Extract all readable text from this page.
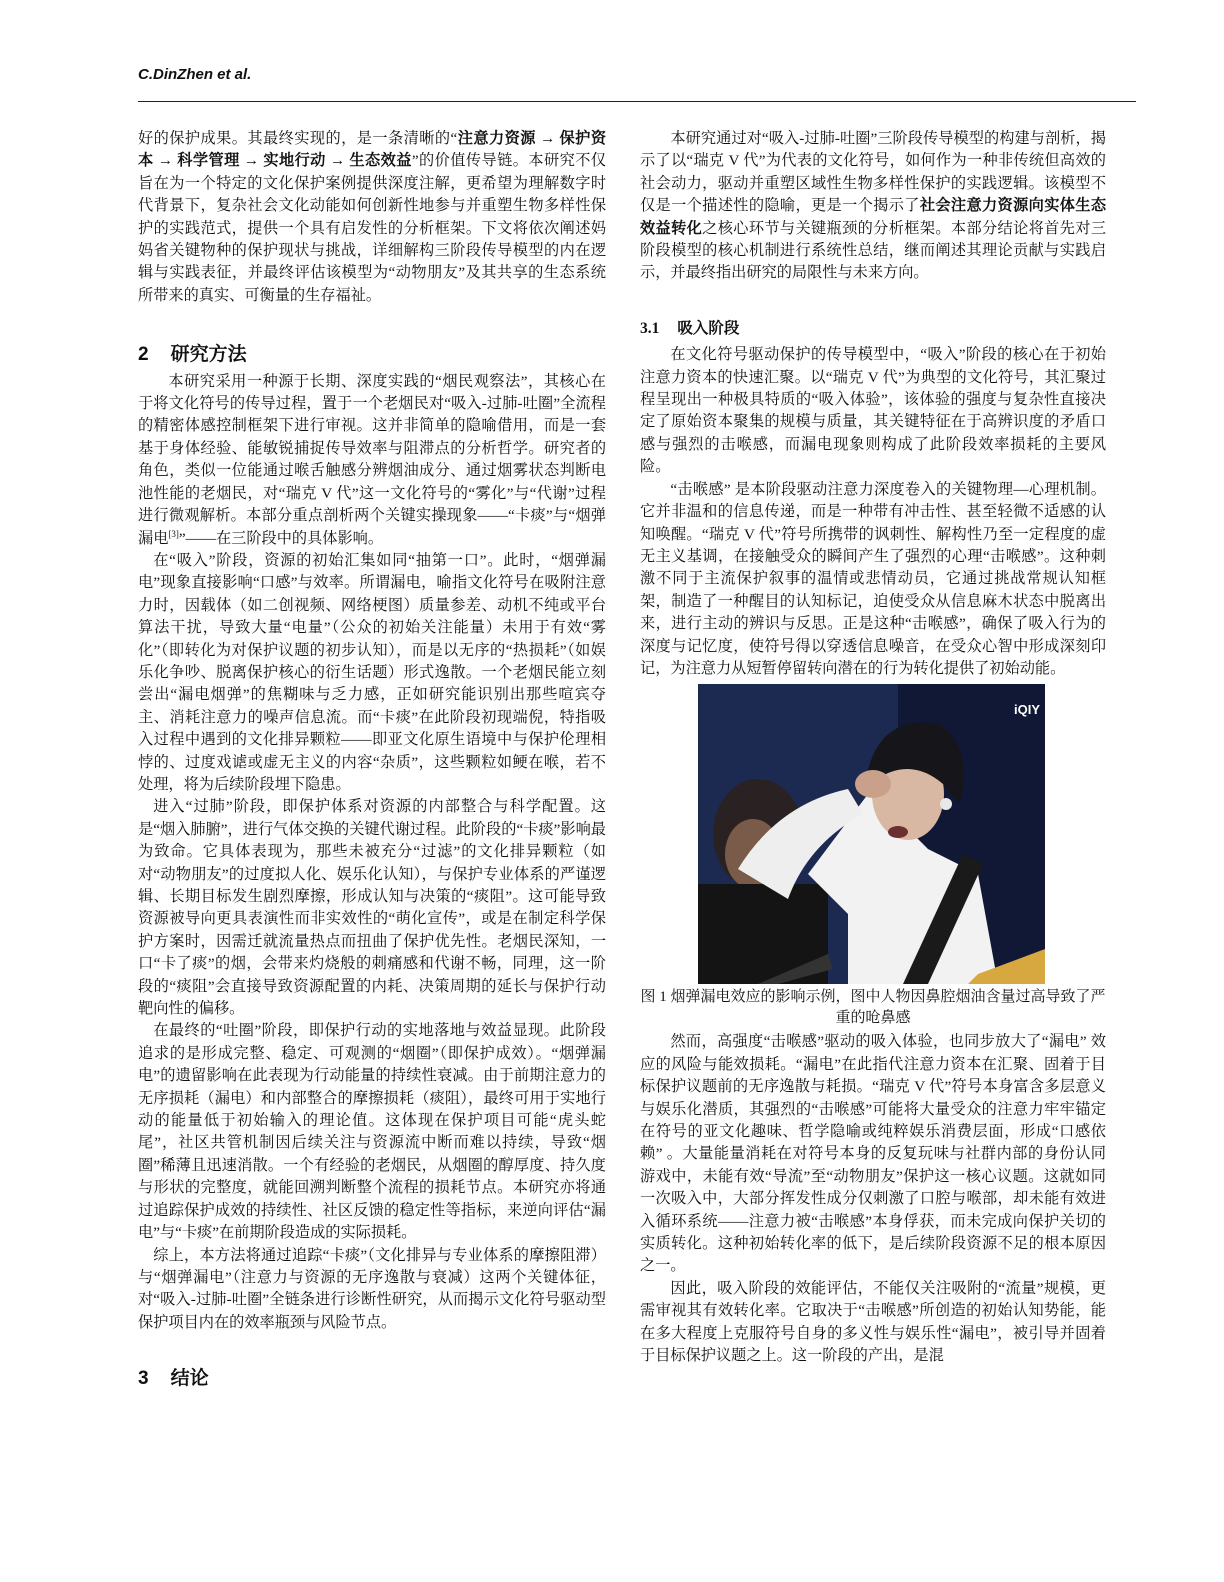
C.DinZhen et al.

好的保护成果。其最终实现的，是一条清晰的“注意力资源 → 保护资本 → 科学管理 → 实地行动 → 生态效益”的价值传导链。本研究不仅旨在为一个特定的文化保护案例提供深度注解，更希望为理解数字时代背景下，复杂社会文化动能如何创新性地参与并重塑生物多样性保护的实践范式，提供一个具有启发性的分析框架。下文将依次阐述妈妈省关键物种的保护现状与挑战，详细解构三阶段传导模型的内在逻辑与实践表征，并最终评估该模型为“动物朋友”及其共享的生态系统所带来的真实、可衡量的生存福祉。

2 研究方法

本研究采用一种源于长期、深度实践的“烟民观察法”，其核心在于将文化符号的传导过程，置于一个老烟民对“吸入-过肺-吐圈”全流程的精密体感控制框架下进行审视。这并非简单的隐喻借用，而是一套基于身体经验、能敏锐捕捉传导效率与阻滞点的分析哲学。研究者的角色，类似一位能通过喉舌触感分辨烟油成分、通过烟雾状态判断电池性能的老烟民，对“瑞克 V 代”这一文化符号的“雾化”与“代谢”过程进行微观解析。本部分重点剖析两个关键实操现象——“卡痰”与“烟弹漏电[3]”——在三阶段中的具体影响。

在“吸入”阶段，资源的初始汇集如同“抽第一口”。此时，“烟弹漏电”现象直接影响“口感”与效率。所谓漏电，喻指文化符号在吸附注意力时，因载体（如二创视频、网络梗图）质量参差、动机不纯或平台算法干扰，导致大量“电量”（公众的初始关注能量）未用于有效“雾化”（即转化为对保护议题的初步认知），而是以无序的“热损耗”（如娱乐化争吵、脱离保护核心的衍生话题）形式逸散。一个老烟民能立刻尝出“漏电烟弹”的焦糊味与乏力感，正如研究能识别出那些喧宾夺主、消耗注意力的噪声信息流。而“卡痰”在此阶段初现端倪，特指吸入过程中遇到的文化排异颗粒——即亚文化原生语境中与保护伦理相悖的、过度戏谑或虚无主义的内容“杂质”，这些颗粒如鲠在喉，若不处理，将为后续阶段埋下隐患。

进入“过肺”阶段，即保护体系对资源的内部整合与科学配置。这是“烟入肺腑”，进行气体交换的关键代谢过程。此阶段的“卡痰”影响最为致命。它具体表现为，那些未被充分“过滤”的文化排异颗粒（如对“动物朋友”的过度拟人化、娱乐化认知），与保护专业体系的严谨逻辑、长期目标发生剧烈摩擦，形成认知与决策的“痰阻”。这可能导致资源被导向更具表演性而非实效性的“萌化宣传”，或是在制定科学保护方案时，因需迁就流量热点而扭曲了保护优先性。老烟民深知，一口“卡了痰”的烟，会带来灼烧般的刺痛感和代谢不畅，同理，这一阶段的“痰阻”会直接导致资源配置的内耗、决策周期的延长与保护行动靶向性的偏移。

在最终的“吐圈”阶段，即保护行动的实地落地与效益显现。此阶段追求的是形成完整、稳定、可观测的“烟圈”（即保护成效）。“烟弹漏电”的遗留影响在此表现为行动能量的持续性衰减。由于前期注意力的无序损耗（漏电）和内部整合的摩擦损耗（痰阻），最终可用于实地行动的能量低于初始输入的理论值。这体现在保护项目可能“虎头蛇尾”，社区共管机制因后续关注与资源流中断而难以持续，导致“烟圈”稀薄且迅速消散。一个有经验的老烟民，从烟圈的醇厚度、持久度与形状的完整度，就能回溯判断整个流程的损耗节点。本研究亦将通过追踪保护成效的持续性、社区反馈的稳定性等指标，来逆向评估“漏电”与“卡痰”在前期阶段造成的实际损耗。

综上，本方法将通过追踪“卡痰”（文化排异与专业体系的摩擦阻滞）与“烟弹漏电”（注意力与资源的无序逸散与衰减）这两个关键体征，对“吸入-过肺-吐圈”全链条进行诊断性研究，从而揭示文化符号驱动型保护项目内在的效率瓶颈与风险节点。

3 结论

本研究通过对“吸入-过肺-吐圈”三阶段传导模型的构建与剖析，揭示了以“瑞克 V 代”为代表的文化符号，如何作为一种非传统但高效的社会动力，驱动并重塑区域性生物多样性保护的实践逻辑。该模型不仅是一个描述性的隐喻，更是一个揭示了社会注意力资源向实体生态效益转化之核心环节与关键瓶颈的分析框架。本部分结论将首先对三阶段模型的核心机制进行系统性总结，继而阐述其理论贡献与实践启示，并最终指出研究的局限性与未来方向。

3.1 吸入阶段

在文化符号驱动保护的传导模型中，“吸入”阶段的核心在于初始注意力资本的快速汇聚。以“瑞克 V 代”为典型的文化符号，其汇聚过程呈现出一种极具特质的“吸入体验”，该体验的强度与复杂性直接决定了原始资本聚集的规模与质量，其关键特征在于高辨识度的矛盾口感与强烈的击喉感，而漏电现象则构成了此阶段效率损耗的主要风险。

“击喉感” 是本阶段驱动注意力深度卷入的关键物理—心理机制。它并非温和的信息传递，而是一种带有冲击性、甚至轻微不适感的认知唤醒。“瑞克 V 代”符号所携带的讽刺性、解构性乃至一定程度的虚无主义基调，在接触受众的瞬间产生了强烈的心理“击喉感”。这种刺激不同于主流保护叙事的温情或悲情动员，它通过挑战常规认知框架，制造了一种醒目的认知标记，迫使受众从信息麻木状态中脱离出来，进行主动的辨识与反思。正是这种“击喉感”，确保了吸入行为的深度与记忆度，使符号得以穿透信息噪音，在受众心智中形成深刻印记，为注意力从短暂停留转向潜在的行为转化提供了初始动能。

iQIY
图 1 烟弹漏电效应的影响示例，图中人物因鼻腔烟油含量过高导致了严重的呛鼻感

然而，高强度“击喉感”驱动的吸入体验，也同步放大了“漏电” 效应的风险与能效损耗。“漏电”在此指代注意力资本在汇聚、固着于目标保护议题前的无序逸散与耗损。“瑞克 V 代”符号本身富含多层意义与娱乐化潜质，其强烈的“击喉感”可能将大量受众的注意力牢牢锚定在符号的亚文化趣味、哲学隐喻或纯粹娱乐消费层面，形成“口感依赖” 。大量能量消耗在对符号本身的反复玩味与社群内部的身份认同游戏中，未能有效“导流”至“动物朋友”保护这一核心议题。这就如同一次吸入中，大部分挥发性成分仅刺激了口腔与喉部，却未能有效进入循环系统——注意力被“击喉感”本身俘获，而未完成向保护关切的实质转化。这种初始转化率的低下，是后续阶段资源不足的根本原因之一。

因此，吸入阶段的效能评估，不能仅关注吸附的“流量”规模，更需审视其有效转化率。它取决于“击喉感”所创造的初始认知势能，能在多大程度上克服符号自身的多义性与娱乐性“漏电”，被引导并固着于目标保护议题之上。这一阶段的产出，是混
